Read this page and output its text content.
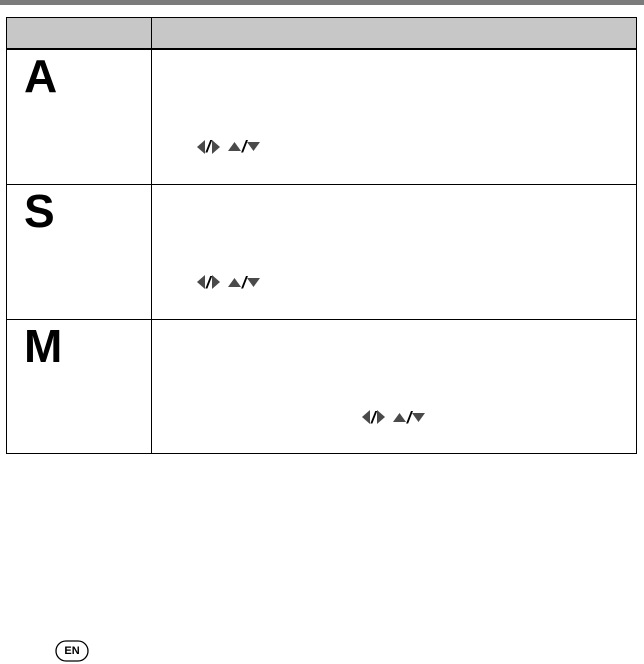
A	/ /

S	/ /

M	/ /
EN
